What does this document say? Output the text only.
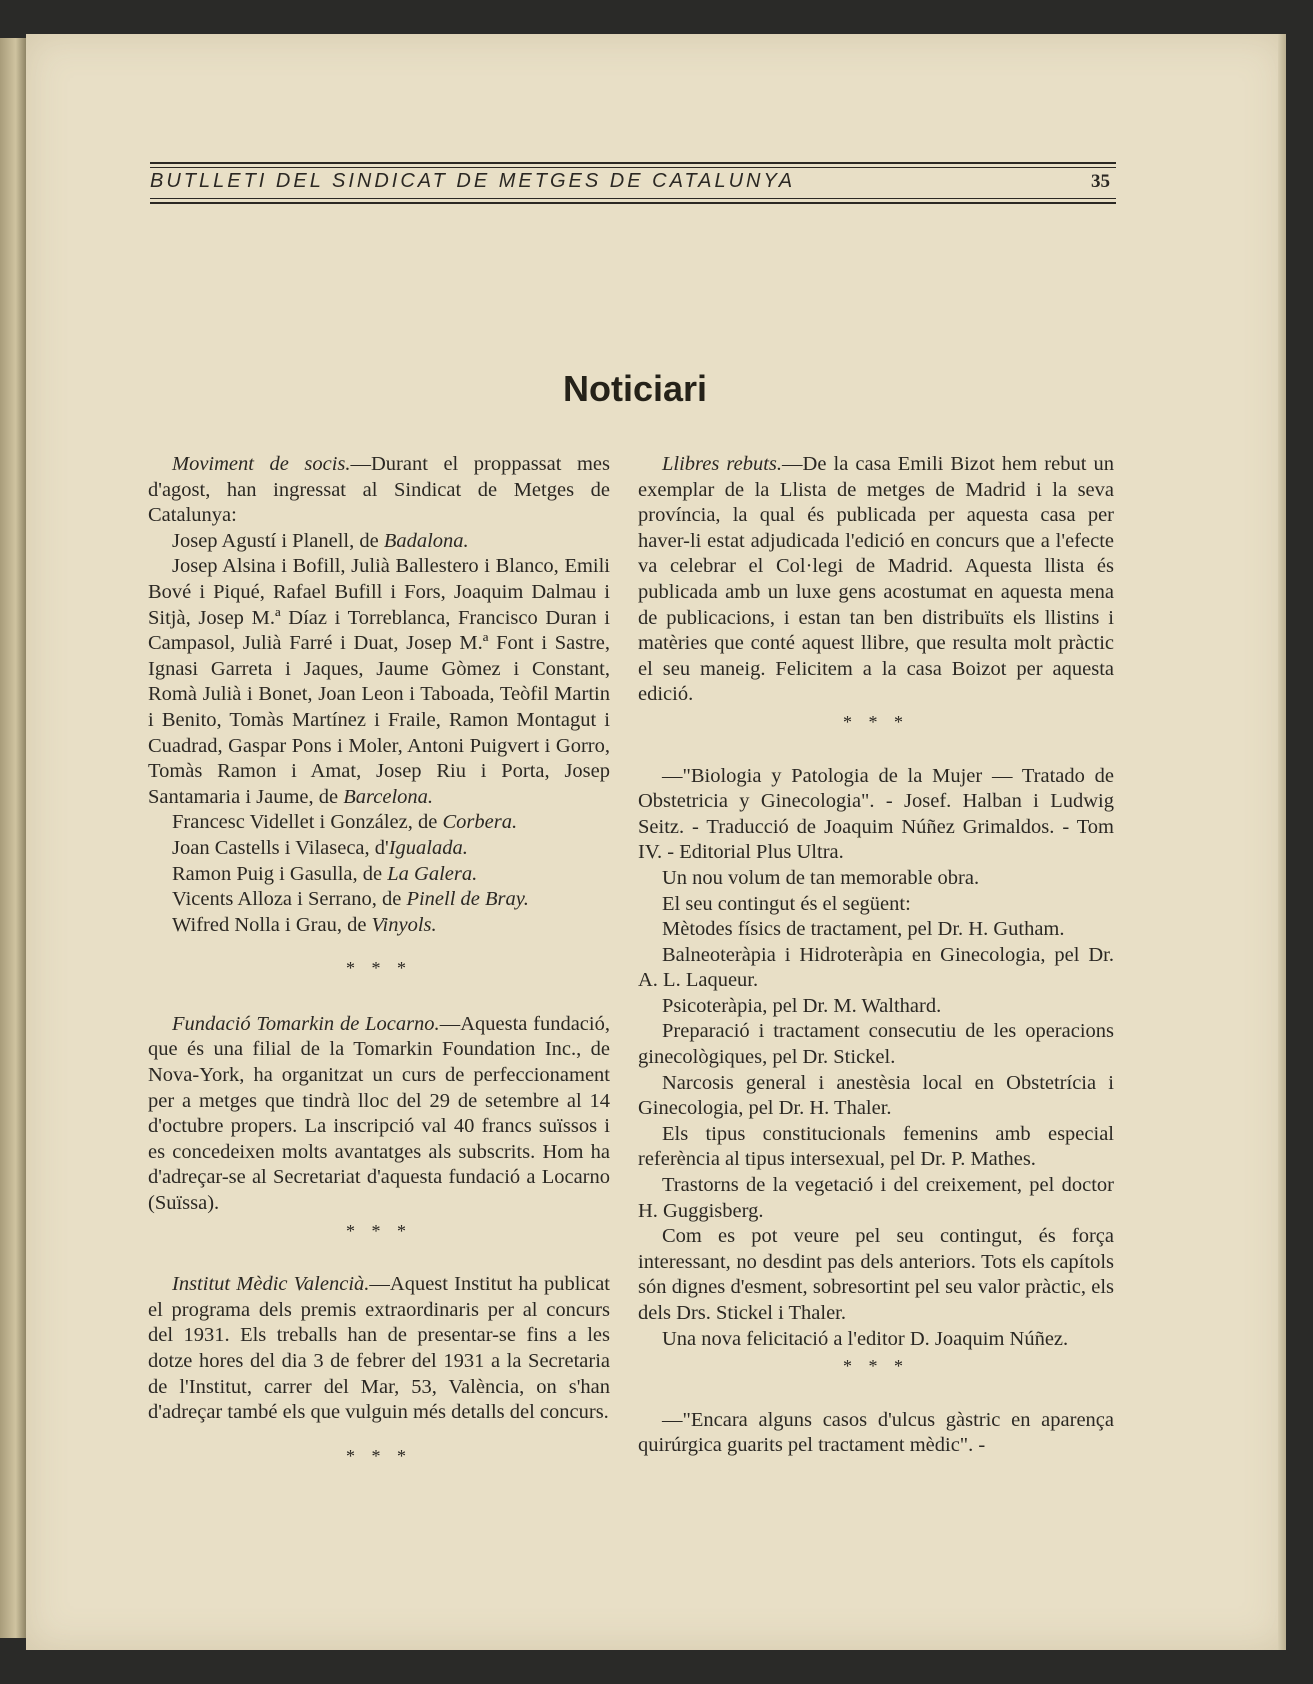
BUTLLETI DEL SINDICAT DE METGES DE CATALUNYA	35
Noticiari

Moviment de socis.—Durant el proppassat mes d'agost, han ingressat al Sindicat de Metges de Catalunya:

Josep Agustí i Planell, de Badalona.

Josep Alsina i Bofill, Julià Ballestero i Blanco, Emili Bové i Piqué, Rafael Bufill i Fors, Joaquim Dalmau i Sitjà, Josep M.ª Díaz i Torreblanca, Francisco Duran i Campasol, Julià Farré i Duat, Josep M.ª Font i Sastre, Ignasi Garreta i Jaques, Jaume Gòmez i Constant, Romà Julià i Bonet, Joan Leon i Taboada, Teòfil Martin i Benito, Tomàs Martínez i Fraile, Ramon Montagut i Cuadrad, Gaspar Pons i Moler, Antoni Puigvert i Gorro, Tomàs Ramon i Amat, Josep Riu i Porta, Josep Santamaria i Jaume, de Barcelona.

Francesc Videllet i González, de Corbera.

Joan Castells i Vilaseca, d'Igualada.

Ramon Puig i Gasulla, de La Galera.

Vicents Alloza i Serrano, de Pinell de Bray.

Wifred Nolla i Grau, de Vinyols.

* * *

Fundació Tomarkin de Locarno.—Aquesta fundació, que és una filial de la Tomarkin Foundation Inc., de Nova-York, ha organitzat un curs de perfeccionament per a metges que tindrà lloc del 29 de setembre al 14 d'octubre propers. La inscripció val 40 francs suïssos i es concedeixen molts avantatges als subscrits. Hom ha d'adreçar-se al Secretariat d'aquesta fundació a Locarno (Suïssa).

* * *

Institut Mèdic Valencià.—Aquest Institut ha publicat el programa dels premis extraordinaris per al concurs del 1931. Els treballs han de presentar-se fins a les dotze hores del dia 3 de febrer del 1931 a la Secretaria de l'Institut, carrer del Mar, 53, València, on s'han d'adreçar també els que vulguin més detalls del concurs.

* * *

Llibres rebuts.—De la casa Emili Bizot hem rebut un exemplar de la Llista de metges de Madrid i la seva província, la qual és publicada per aquesta casa per haver-li estat adjudicada l'edició en concurs que a l'efecte va celebrar el Col·legi de Madrid. Aquesta llista és publicada amb un luxe gens acostumat en aquesta mena de publicacions, i estan tan ben distribuïts els llistins i matèries que conté aquest llibre, que resulta molt pràctic el seu maneig. Felicitem a la casa Boizot per aquesta edició.

* * *

—"Biologia y Patologia de la Mujer — Tratado de Obstetricia y Ginecologia". - Josef. Halban i Ludwig Seitz. - Traducció de Joaquim Núñez Grimaldos. - Tom IV. - Editorial Plus Ultra.

Un nou volum de tan memorable obra.

El seu contingut és el següent:

Mètodes físics de tractament, pel Dr. H. Gutham.

Balneoteràpia i Hidroteràpia en Ginecologia, pel Dr. A. L. Laqueur.

Psicoteràpia, pel Dr. M. Walthard.

Preparació i tractament consecutiu de les operacions ginecològiques, pel Dr. Stickel.

Narcosis general i anestèsia local en Obstetrícia i Ginecologia, pel Dr. H. Thaler.

Els tipus constitucionals femenins amb especial referència al tipus intersexual, pel Dr. P. Mathes.

Trastorns de la vegetació i del creixement, pel doctor H. Guggisberg.

Com es pot veure pel seu contingut, és força interessant, no desdint pas dels anteriors. Tots els capítols són dignes d'esment, sobresortint pel seu valor pràctic, els dels Drs. Stickel i Thaler.

Una nova felicitació a l'editor D. Joaquim Núñez.

* * *

—"Encara alguns casos d'ulcus gàstric en aparença quirúrgica guarits pel tractament mèdic". -
